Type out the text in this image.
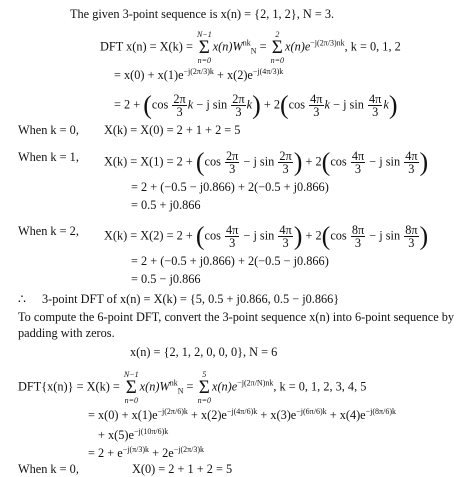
The given 3-point sequence is x(n) = {2, 1, 2}, N = 3.
DFT x(n) = X(k) =
N−1
Σ
n=0
$x(n)W^{nk}_N$ =
2
Σ
n=0
$x(n)e^{-j(2\pi/3)nk}$, k = 0, 1, 2
= $x(0) + x(1)e^{-j(2\pi/3)k} + x(2)e^{-j(4\pi/3)k}$
= $2 + (\cos \frac{2\pi}{3}$ k − j $\sin \frac{2\pi}{3} k) + 2(\cos \frac{4\pi}{3}$ k − j $\sin \frac{4\pi}{3} k$)
When k = 0, X(k) = X(0) = 2 + 1 + 2 = 5
When k = 1, $X(k) = X(1) = 2 + (\cos \frac{2\pi}{3} - j$ $\sin \frac{2\pi}{3}$ ) + $2(\cos \frac{4\pi}{3} - j$ $\sin \frac{4\pi}{3}$ )
= 2 + (−0.5 − j0.866) + 2(−0.5 + j0.866)
= 0.5 + j0.866
When k = 2, $X(k) = X(2) = 2 + (\cos \frac{4\pi}{3} - j$ $\sin \frac{4\pi}{3}$ ) + $2(\cos \frac{8\pi}{3} - j$ $\sin \frac{8\pi}{3}$ )
= 2 + (−0.5 + j0.866) + 2(−0.5 − j0.866)
= 0.5 − j0.866
∴ 3-point DFT of x(n) = X(k) = {5, 0.5 + j0.866, 0.5 − j0.866}
To compute the 6-point DFT, convert the 3-point sequence x(n) into 6-point sequence by
padding with zeros.
x(n) = {2, 1, 2, 0, 0, 0}, N = 6
DFT{x(n)} = X(k) =
N−1
Σ
n=0
$x(n)W^{nk}_N$ =
5
Σ
n=0
$x(n)e^{-j(2\pi/N)nk}$, k = 0, 1, 2, 3, 4, 5
= $x(0) + x(1)e^{-j(2\pi/6)k} + x(2)e^{-j(4\pi/6)k} + x(3)e^{-j(6\pi/6)k} + x(4)e^{-j(8\pi/6)k}$
+ $x(5)e^{-j(10\pi/6)k}$
= $2 + e^{-j(\pi/3)k} + 2e^{-j(2\pi/3)k}$
When k = 0,	X(0) = 2 + 1 + 2 = 5
